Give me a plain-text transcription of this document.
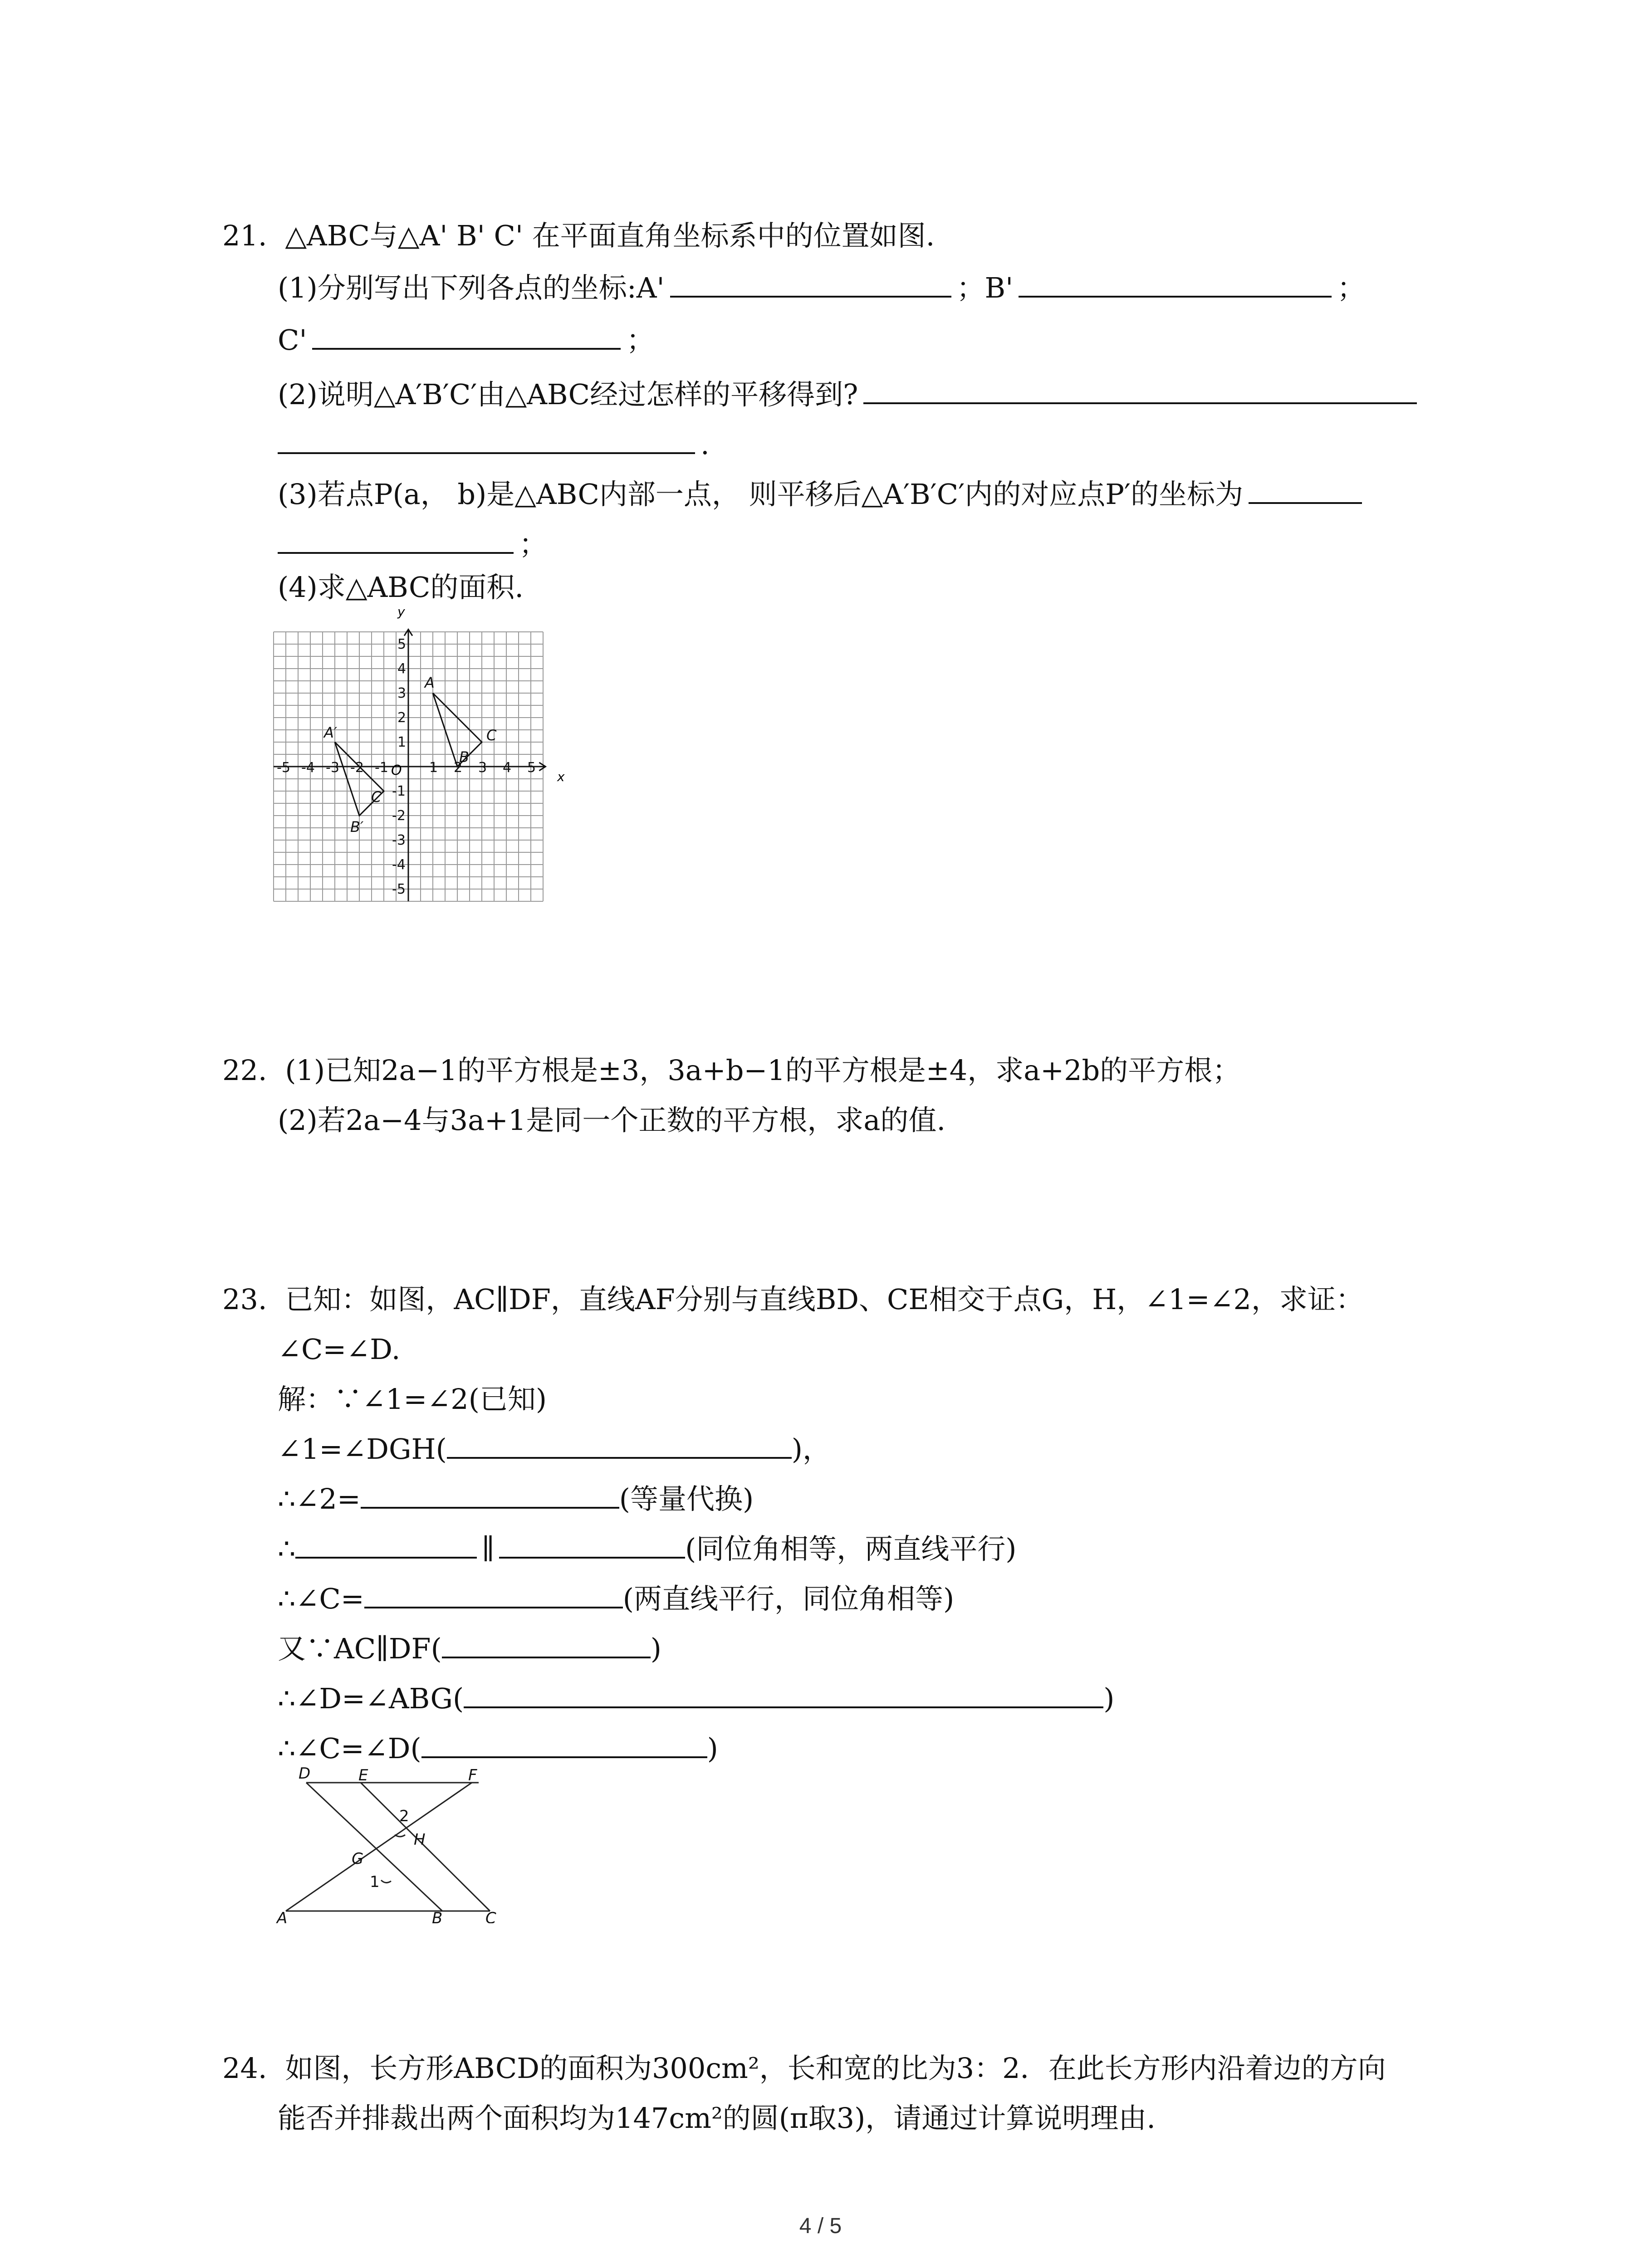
21. △ABC与△A' B' C' 在平面直角坐标系中的位置如图.
(1)分别写出下列各点的坐标:A'	；B'	；
C'	；
(2)说明△A′B′C′由△ABC经过怎样的平移得到?
.
(3)若点P(a， b)是△ABC内部一点， 则平移后△A′B′C′内的对应点P′的坐标为
；
(4)求△ABC的面积.
-5 -4 -3 -2 -1	1 2 3 4 5
5
4
3
2
1
-1
-2
-3
-4
-5
A
B
C
A′
B′
C′
x
y
O
22. (1)已知2a−1的平方根是±3，3a+b−1的平方根是±4，求a+2b的平方根；
(2)若2a−4与3a+1是同一个正数的平方根，求a的值.
23. 已知：如图，AC∥DF，直线AF分别与直线BD、CE相交于点G，H，∠1=∠2，求证：
∠C=∠D.
解：∵∠1=∠2(已知)
∠1=∠DGH(	)，
∴∠2=	(等量代换)
∴	∥	(同位角相等，两直线平行)
∴∠C=	(两直线平行，同位角相等)
又∵AC∥DF(	)
∴∠D=∠ABG(	)
∴∠C=∠D(	)
D	E	F
2
H
G
1
A	B	C
24. 如图，长方形ABCD的面积为300cm²，长和宽的比为3：2．在此长方形内沿着边的方向
能否并排裁出两个面积均为147cm²的圆(π取3)，请通过计算说明理由.
4 / 5
